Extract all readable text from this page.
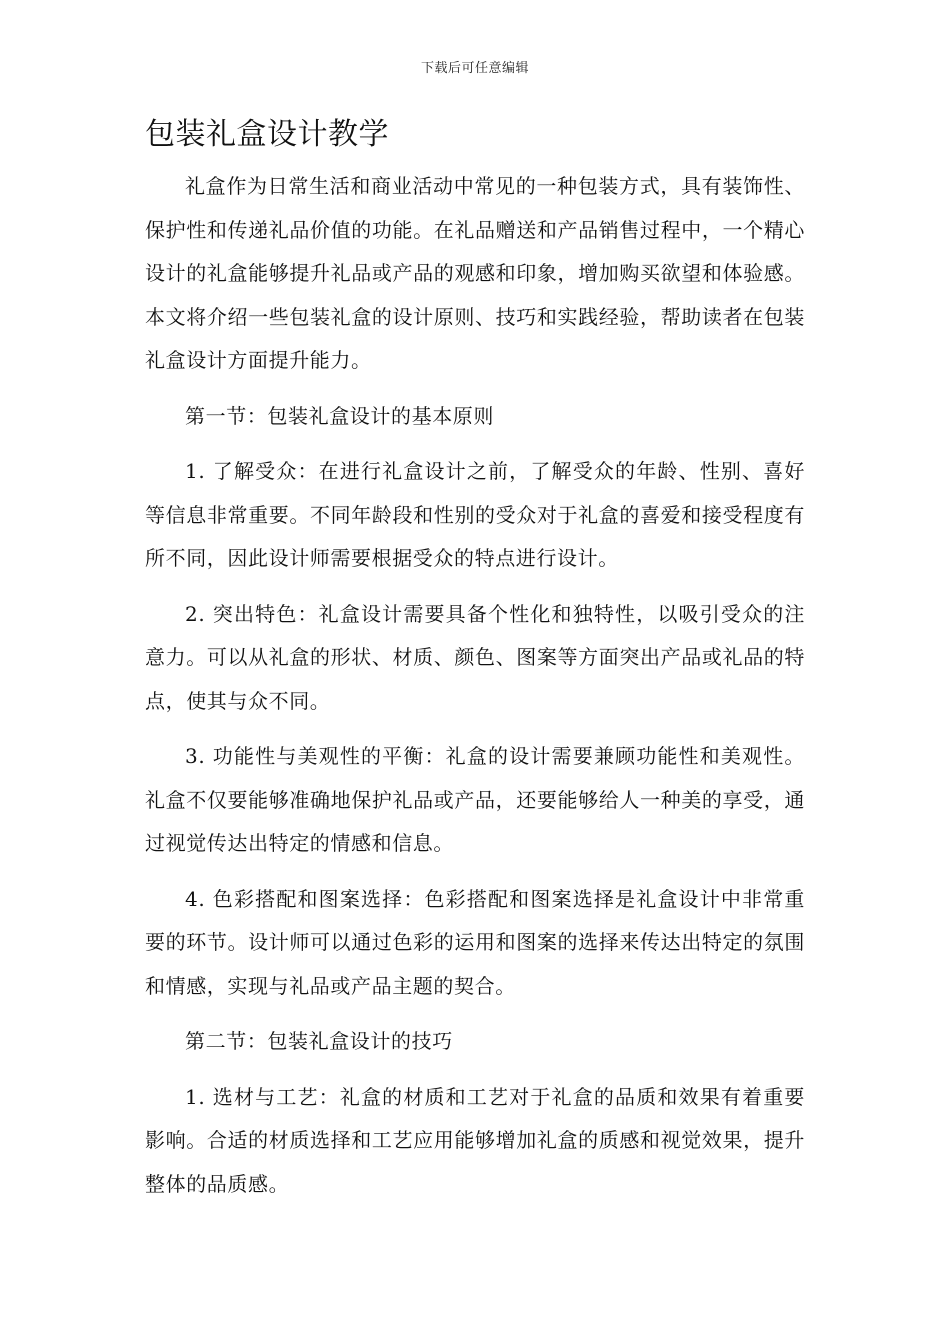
下载后可任意编辑
包装礼盒设计教学

礼盒作为日常生活和商业活动中常见的一种包装方式，具有装饰性、保护性和传递礼品价值的功能。在礼品赠送和产品销售过程中，一个精心设计的礼盒能够提升礼品或产品的观感和印象，增加购买欲望和体验感。本文将介绍一些包装礼盒的设计原则、技巧和实践经验，帮助读者在包装礼盒设计方面提升能力。

第一节：包装礼盒设计的基本原则

1. 了解受众：在进行礼盒设计之前，了解受众的年龄、性别、喜好等信息非常重要。不同年龄段和性别的受众对于礼盒的喜爱和接受程度有所不同，因此设计师需要根据受众的特点进行设计。

2. 突出特色：礼盒设计需要具备个性化和独特性，以吸引受众的注意力。可以从礼盒的形状、材质、颜色、图案等方面突出产品或礼品的特点，使其与众不同。

3. 功能性与美观性的平衡：礼盒的设计需要兼顾功能性和美观性。礼盒不仅要能够准确地保护礼品或产品，还要能够给人一种美的享受，通过视觉传达出特定的情感和信息。

4. 色彩搭配和图案选择：色彩搭配和图案选择是礼盒设计中非常重要的环节。设计师可以通过色彩的运用和图案的选择来传达出特定的氛围和情感，实现与礼品或产品主题的契合。

第二节：包装礼盒设计的技巧

1. 选材与工艺：礼盒的材质和工艺对于礼盒的品质和效果有着重要影响。合适的材质选择和工艺应用能够增加礼盒的质感和视觉效果，提升整体的品质感。
